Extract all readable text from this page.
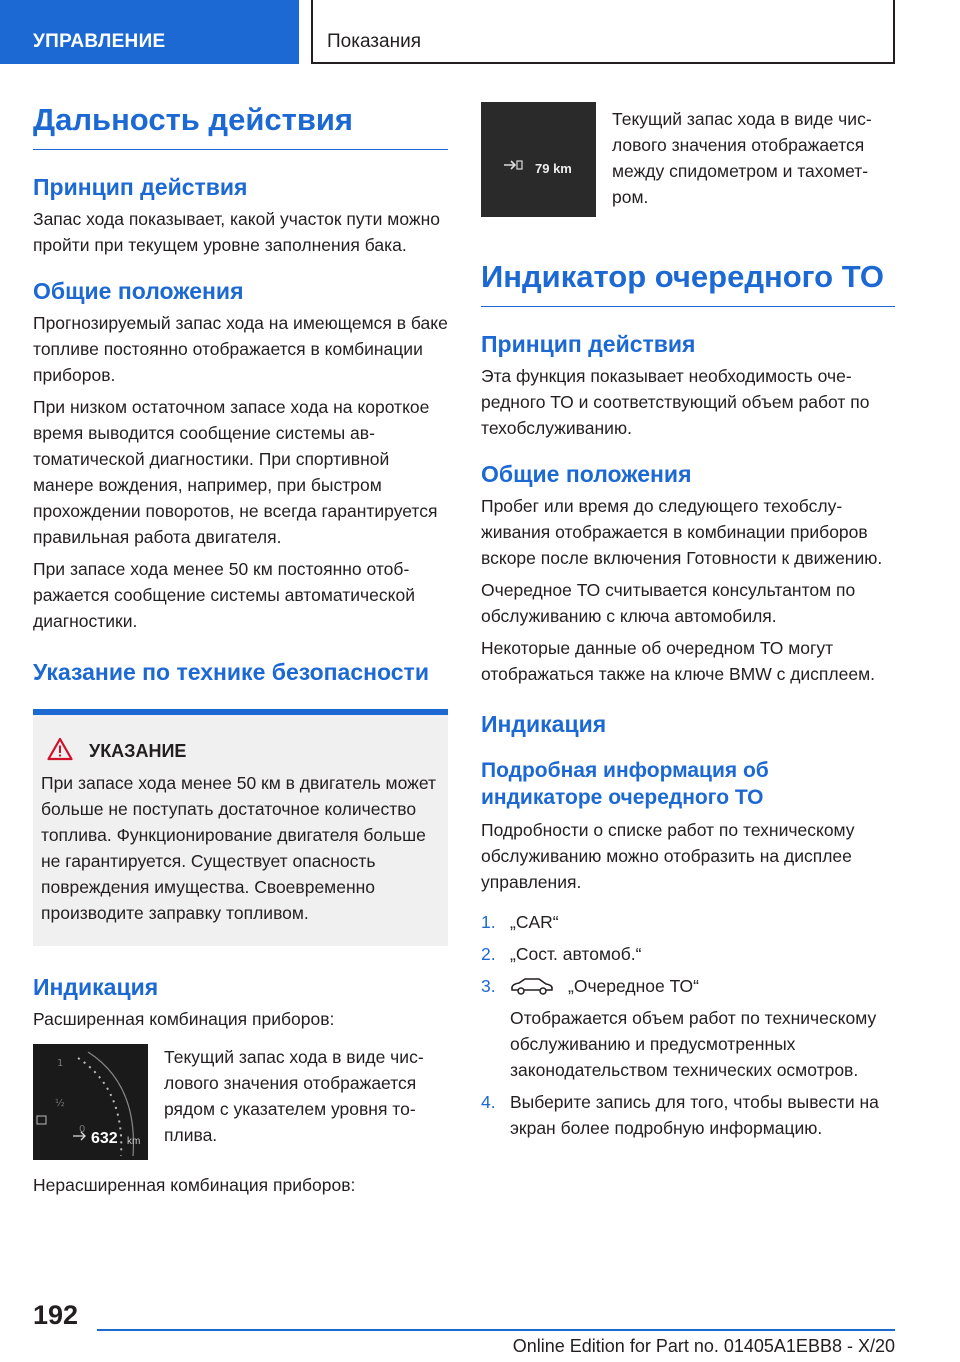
УПРАВЛЕНИЕ	Показания
Дальность действия
Принцип действия

Запас хода показывает, какой участок пути можно пройти при текущем уровне заполнения бака.

Общие положения

Прогнозируемый запас хода на имеющемся в баке топливе постоянно отображается в комбинации приборов.

При низком остаточном запасе хода на короткое время выводится сообщение системы автоматической диагностики. При спортивной манере вождения, например, при быстром прохождении поворотов, не всегда гарантируется правильная работа двигателя.

При запасе хода менее 50 км постоянно отображается сообщение системы автоматической диагностики.

Указание по технике безопасности
УКАЗАНИЕ

При запасе хода менее 50 км в двигатель может больше не поступать достаточное количество топлива. Функционирование двигателя больше не гарантируется. Существует опасность повреждения имущества. Своевременно производите заправку топливом.

Индикация

Расширенная комбинация приборов:

1
½
0
632 km

Текущий запас хода в виде числового значения отображается рядом с указателем уровня топлива.

Нерасширенная комбинация приборов:

79 km

Текущий запас хода в виде числового значения отображается между спидометром и тахометром.

Индикатор очередного ТО
Принцип действия

Эта функция показывает необходимость очередного ТО и соответствующий объем работ по техобслуживанию.

Общие положения

Пробег или время до следующего техобслуживания отображается в комбинации приборов вскоре после включения Готовности к движению.

Очередное ТО считывается консультантом по обслуживанию с ключа автомобиля.

Некоторые данные об очередном ТО могут отображаться также на ключе BMW с дисплеем.

Индикация
Подробная информация об индикаторе очередного ТО

Подробности о списке работ по техническому обслуживанию можно отобразить на дисплее управления.

1. „CAR“
2. „Сост. автомоб.“
3.	„Очередное ТО“
Отображается объем работ по техническому обслуживанию и предусмотренных законодательством технических осмотров.
4. Выберите запись для того, чтобы вывести на экран более подробную информацию.
192
Online Edition for Part no. 01405A1EBB8 - X/20
